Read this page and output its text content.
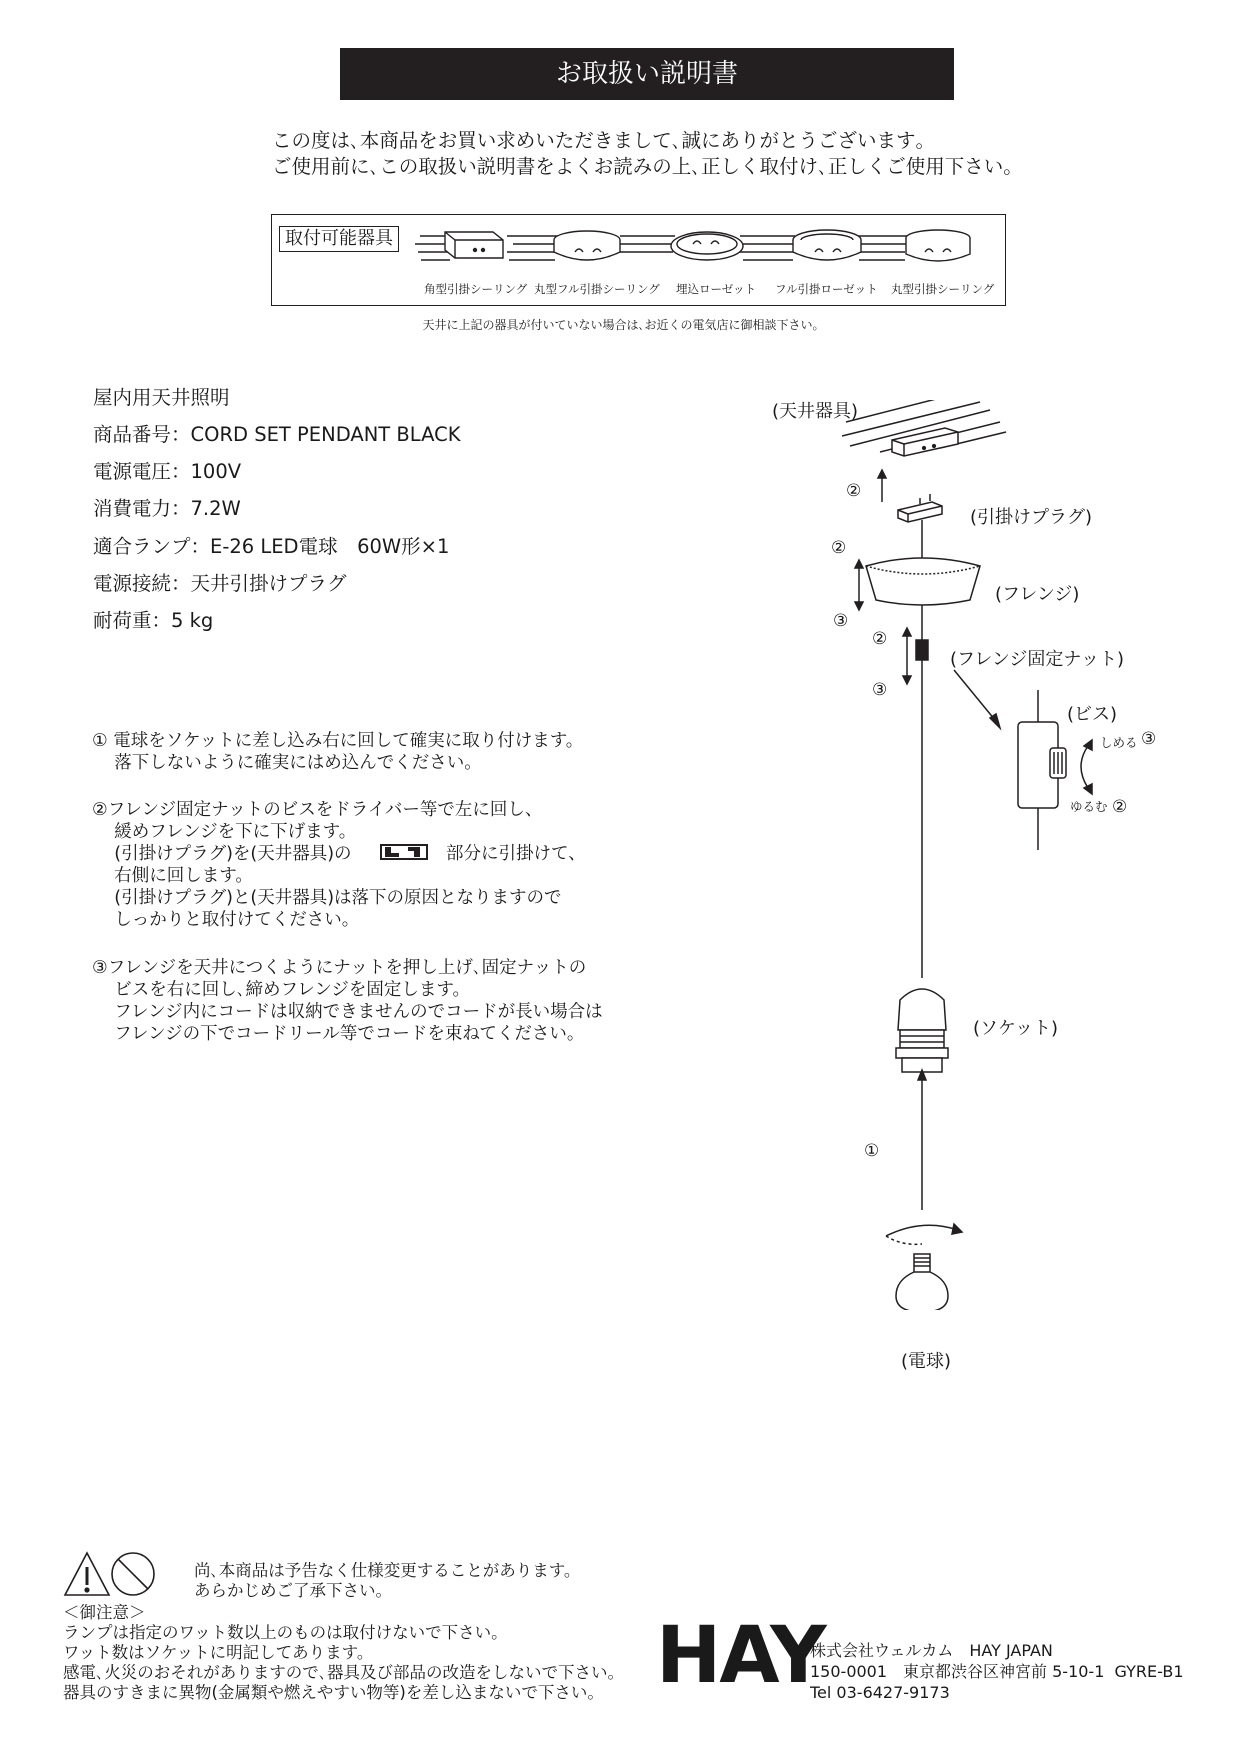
お取扱い説明書
この度は､本商品をお買い求めいただきまして､誠にありがとうございます｡
ご使用前に､この取扱い説明書をよくお読みの上､正しく取付け､正しくご使用下さい｡
取付可能器具
角型引掛シーリング 丸型フル引掛シーリング 埋込ローゼット フル引掛ローゼット 丸型引掛シーリング
天井に上記の器具が付いていない場合は､お近くの電気店に御相談下さい｡
屋内用天井照明
商品番号：CORD SET PENDANT BLACK
電源電圧：100V
消費電力：7.2W
適合ランプ：E-26 LED電球　60W形×1
電源接続：天井引掛けプラグ
耐荷重：5 kg
① 電球をソケットに差し込み右に回して確実に取り付けます。
落下しないように確実にはめ込んでください。
②フレンジ固定ナットのビスをドライバー等で左に回し、
緩めフレンジを下に下げます。
(引掛けプラグ)を(天井器具)の	部分に引掛けて、
右側に回します。
(引掛けプラグ)と(天井器具)は落下の原因となりますので
しっかりと取付けてください。
③フレンジを天井につくようにナットを押し上げ､固定ナットの
ビスを右に回し､締めフレンジを固定します。
フレンジ内にコードは収納できませんのでコードが長い場合は
フレンジの下でコードリール等でコードを束ねてください。
(天井器具)
②
(引掛けプラグ)
②
(フレンジ)
③
②
(フレンジ固定ナット)
③
(ビス)
しめる ③
ゆるむ ②
(ソケット)
①
(電球)
尚､本商品は予告なく仕様変更することがあります。
あらかじめご了承下さい。
＜御注意＞
ランプは指定のワット数以上のものは取付けないで下さい。
ワット数はソケットに明記してあります。
感電､火災のおそれがありますので､器具及び部品の改造をしないで下さい。
器具のすきまに異物(金属類や燃えやすい物等)を差し込まないで下さい。 HAY
株式会社ウェルカム　HAY JAPAN
150-0001　東京都渋谷区神宮前 5-10-1  GYRE-B1
Tel 03-6427-9173
